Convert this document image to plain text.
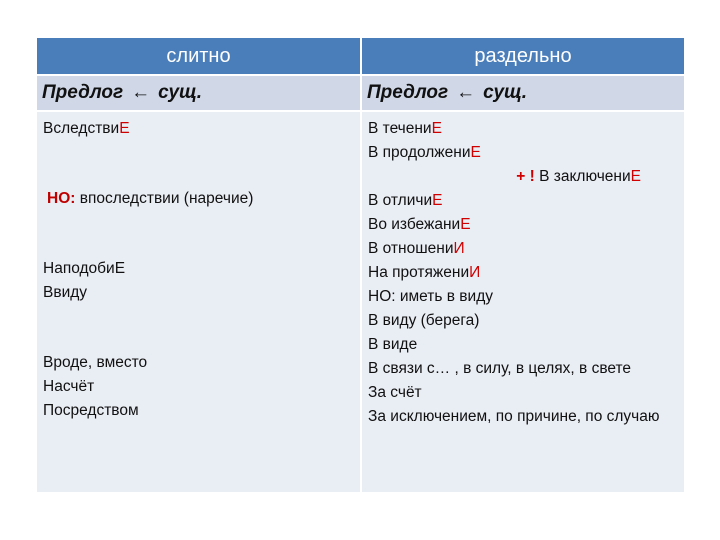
слитно	раздельно
Предлог ← сущ.	Предлог ← сущ.
ВследствиЕ
НО: впоследствии (наречие)
НаподобиЕ
Ввиду
Вроде, вместо
Насчёт
Посредством
В течениЕ
В продолжениЕ
+ ! В заключениЕ
В отличиЕ
Во избежаниЕ
В отношениИ
На протяжениИ
НО: иметь в виду
В виду (берега)
В виде
В связи с… , в силу, в целях, в свете
За счёт
За исключением, по причине, по случаю
